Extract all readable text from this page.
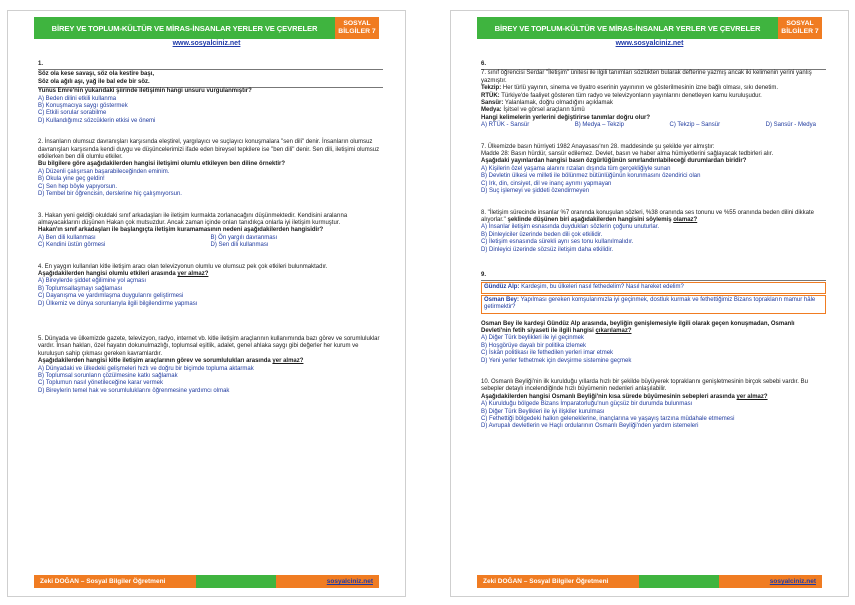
BİREY VE TOPLUM-KÜLTÜR VE MİRAS-İNSANLAR YERLER VE ÇEVRELER	SOSYAL
BİLGİLER 7
www.sosyalciniz.net
1.
Söz ola kese savaşı, söz ola kestire başı,
Söz ola ağılı aşı, yağ ile bal ede bir söz.
Yunus Emre'nin yukarıdaki şiirinde iletişimin hangi unsuru vurgulanmıştır?
A) Beden dilini etkili kullanma
B) Konuşmacıya saygı göstermek
C) Etkili sorular sorabilme
D) Kullandığımız sözcüklerin etkisi ve önemi
2. İnsanların olumsuz davranışları karşısında eleştirel, yargılayıcı ve suçlayıcı konuşmalara "sen dili" denir. İnsanların olumsuz davranışları karşısında kendi duygu ve düşüncelerimizi ifade eden bireysel tepkilere ise "ben dili" denir. Sen dili, iletişimi olumsuz etkilerken ben dili olumlu etkiler.
Bu bilgilere göre aşağıdakilerden hangisi iletişimi olumlu etkileyen ben diline örnektir?
A) Düzenli çalışırsan başarabileceğinden eminim.
B) Okula yine geç geldin!
C) Sen hep böyle yapıyorsun.
D) Tembel bir öğrencisin, derslerine hiç çalışmıyorsun.
3. Hakan yeni geldiği okuldaki sınıf arkadaşları ile iletişim kurmakta zorlanacağını düşünmektedir. Kendisini aralarına almayacaklarını düşünen Hakan çok mutsuzdur. Ancak zaman içinde onları tanıdıkça onlarla iyi iletişim kurmuştur.
Hakan'ın sınıf arkadaşları ile başlangıçta iletişim kuramamasının nedeni aşağıdakilerden hangisidir?
A) Ben dili kullanması	B) Ön yargılı davranması
C) Kendini üstün görmesi	D) Sen dili kullanması
4. En yaygın kullanılan kitle iletişim aracı olan televizyonun olumlu ve olumsuz pek çok etkileri bulunmaktadır.
Aşağıdakilerden hangisi olumlu etkileri arasında yer almaz?
A) Bireylerde şiddet eğilimine yol açması
B) Toplumsallaşmayı sağlaması
C) Dayanışma ve yardımlaşma duygularını geliştirmesi
D) Ülkemiz ve dünya sorunlarıyla ilgili bilgilendirme yapması
5. Dünyada ve ülkemizde gazete, televizyon, radyo, internet vb. kitle iletişim araçlarının kullanımında bazı görev ve sorumluluklar vardır. İnsan hakları, özel hayatın dokunulmazlığı, toplumsal eşitlik, adalet, genel ahlaka saygı gibi değerler her kurum ve kuruluşun sahip çıkması gereken kavramlardır.
Aşağıdakilerden hangisi kitle iletişim araçlarının görev ve sorumlulukları arasında yer almaz?
A) Dünyadaki ve ülkedeki gelişmeleri hızlı ve doğru bir biçimde topluma aktarmak
B) Toplumsal sorunların çözülmesine katkı sağlamak
C) Toplumun nasıl yönetileceğine karar vermek
D) Bireylerin temel hak ve sorumluluklarını öğrenmesine yardımcı olmak
Zeki DOĞAN – Sosyal Bilgiler Öğretmeni	sosyalciniz.net
BİREY VE TOPLUM-KÜLTÜR VE MİRAS-İNSANLAR YERLER VE ÇEVRELER	SOSYAL
BİLGİLER 7
www.sosyalciniz.net
6.
7. sınıf öğrencisi Serdar "İletişim" ünitesi ile ilgili tanımları sözlükten bularak defterine yazmış ancak iki kelimenin yerini yanlış yazmıştır.
Tekzip: Her türlü yayının, sinema ve tiyatro eserinin yayınının ve gösterilmesinin izne bağlı olması, sıkı denetim.
RTÜK: Türkiye'de faaliyet gösteren tüm radyo ve televizyonların yayınlarını denetleyen kamu kuruluşudur.
Sansür: Yalanlamak, doğru olmadığını açıklamak
Medya: İşitsel ve görsel araçların tümü
Hangi kelimelerin yerlerini değiştirirse tanımlar doğru olur?
A) RTÜK - Sansür	B) Medya – Tekzip	C) Tekzip – Sansür	D) Sansür - Medya
7. Ülkemizde basın hürriyeti 1982 Anayasası'nın 28. maddesinde şu şekilde yer almıştır:
Madde 28: Basın hürdür, sansür edilemez. Devlet, basın ve haber alma hümiyetlerini sağlayacak tedbirleri alır.
Aşağıdaki yayınlardan hangisi basın özgürlüğünün sınırlandırılabileceği durumlardan biridir?
A) Kişilerin özel yaşama alanını rızaları dışında tüm gerçekliğiyle sunan
B) Devletin ülkesi ve milleti ile bölünmez bütünlüğünün korunmasını özendirici olan
C) Irk, din, cinsiyet, dil ve inanç ayrımı yapmayan
D) Suç işlemeyi ve şiddeti özendirmeyen
8. "İletişim sürecinde insanlar %7 oranında konuşulan sözleri, %38 oranında ses tonunu ve %55 oranında beden dilini dikkate alıyorlar." şeklinde düşünen biri aşağıdakilerden hangisini söylemiş olamaz?
A) İnsanlar iletişim esnasında duydukları sözlerin çoğunu unuturlar.
B) Dinleyiciler üzerinde beden dili çok etkilidir.
C) İletişim esnasında sürekli aynı ses tonu kullanılmalıdır.
D) Dinleyici üzerinde sözsüz iletişim daha etkilidir.
9.
Gündüz Alp: Kardeşim, bu ülkeleri nasıl fethedelim? Nasıl hareket edelim?
Osman Bey: Yapılması gereken komşularımızla iyi geçinmek, dostluk kurmak ve fethettiğimiz Bizans toprakların mamur hâle getirmektir?
Osman Bey ile kardeşi Gündüz Alp arasında, beyliğin genişlemesiyle ilgili olarak geçen konuşmadan, Osmanlı Devleti'nin fetih siyaseti ile ilgili hangisi çıkarılamaz?
A) Diğer Türk beylikleri ile iyi geçinmek
B) Hoşgörüye dayalı bir politika izlemek
C) İskân politikası ile fethedilen yerleri imar etmek
D) Yeni yerler fethetmek için devşirme sistemine geçmek
10. Osmanlı Beyliği'nin ilk kurulduğu yıllarda hızlı bir şekilde büyüyerek topraklarını genişletmesinin birçok sebebi vardır. Bu sebepler detaylı incelendiğinde hızlı büyümenin nedenleri anlaşılabilir.
Aşağıdakilerden hangisi Osmanlı Beyliği'nin kısa sürede büyümesinin sebepleri arasında yer almaz?
A) Kurulduğu bölgede Bizans İmparatorluğu'nun güçsüz bir durumda bulunması
B) Diğer Türk Beylikleri ile iyi ilişkiler kurulması
C) Fethettiği bölgedeki halkın geleneklerine, inançlarına ve yaşayış tarzına müdahale etmemesi
D) Avrupalı devletlerin ve Haçlı ordularının Osmanlı Beyliği'nden yardım istemeleri
Zeki DOĞAN – Sosyal Bilgiler Öğretmeni	sosyalciniz.net
